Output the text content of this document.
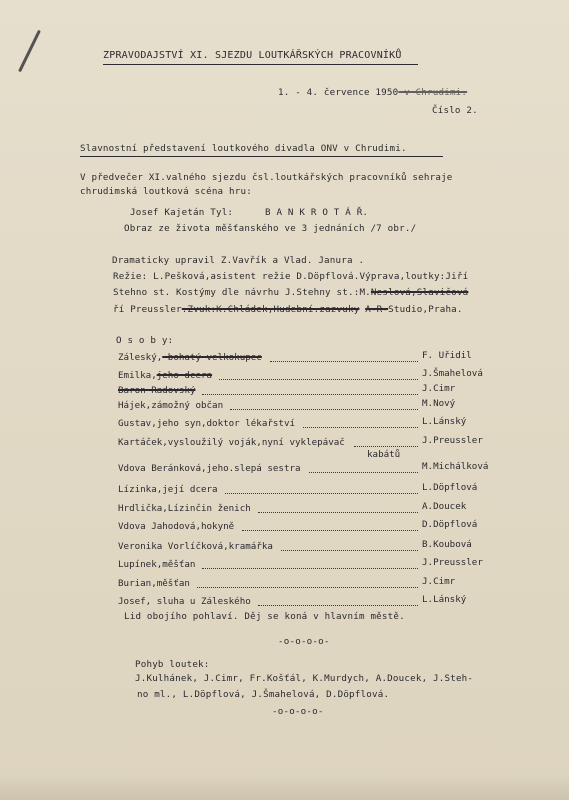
ZPRAVODAJSTVÍ XI. SJEZDU LOUTKÁŘSKÝCH PRACOVNÍKŮ
1. - 4. července 1950 v Chrudimi.
Číslo 2.
Slavnostní představení loutkového divadla ONV v Chrudimi.
V předvečer XI.valného sjezdu čsl.loutkářských pracovníků sehraje
chrudimská loutková scéna hru:
Josef Kajetán Tyl:	B A N K R O T Á Ř.
Obraz ze života měšťanského ve 3 jednáních /7 obr./
Dramaticky upravil Z.Vavřík a Vlad. Janura .
Režie: L.Pešková,asistent režie D.Döpflová.Výprava,loutky:Jiří
Stehno st. Kostýmy dle návrhu J.Stehny st.:M.Neslová,Slavičová
ří Preussler.Zvuk:K.Chládek,Hudební.zazvuky A-R-Studio,Praha.
O s o b y:
Záleský, bohatý velkokupec	F. Uřidil
Emilka,jeho dcera	J.Šmahelová
Baron Radovský	J.Cimr
Hájek,zámožný občan	M.Nový
Gustav,jeho syn,doktor lékařství	L.Lánský
Kartáček,vysloužilý voják,nyní vyklepávač	J.Preussler
kabátů
Vdova Beránková,jeho.slepá sestra	M.Michálková
Lízinka,její dcera	L.Döpflová
Hrdlička,Lízinčin ženich	A.Doucek
Vdova Jahodová,hokyně	D.Döpflová
Veronika Vorlíčková,kramářka	B.Koubová
Lupínek,měšťan	J.Preussler
Burian,měšťan	J.Cimr
Josef, sluha u Záleského	L.Lánský
Lid obojího pohlaví. Děj se koná v hlavním městě.
-o-o-o-o-
Pohyb loutek:
J.Kulhánek, J.Cimr, Fr.Košťál, K.Murdych, A.Doucek, J.Steh-
no ml., L.Döpflová, J.Šmahelová, D.Döpflová.
-o-o-o-o-
